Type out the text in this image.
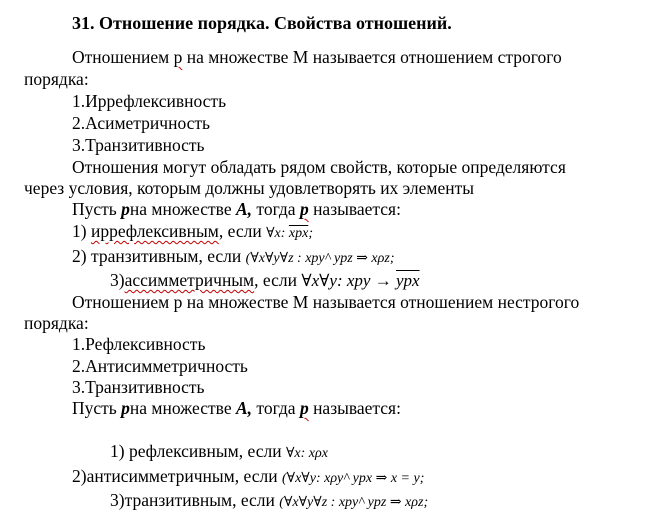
31. Отношение порядка. Свойства отношений.
Отношением p на множестве М называется отношением строгого
порядка:
1.Иррефлексивность
2.Асиметричность
3.Транзитивность
Отношения могут обладать рядом свойств, которые определяются
через условия, которым должны удовлетворять их элементы
Пусть pна множестве A, тогда p называется:
1) иррефлексивным, если ∀x: $\overline{xpx}$;
2) транзитивным, если (∀x∀y∀z : xpy^ ypz ⇒ xρz;
3)ассимметричным, если ∀x∀y: xpy → $\overline{ypx}$
Отношением р на множестве М называется отношением нестрогого
порядка:
1.Рефлексивность
2.Антисимметричность
3.Транзитивность
Пусть pна множестве A, тогда p называется:
1) рефлексивным, если ∀x: xρx
2)антисимметричным, если (∀x∀y: xρy^ ypx ⇒ x = y;
3)транзитивным, если (∀x∀y∀z : xpy^ ypz ⇒ xρz;
